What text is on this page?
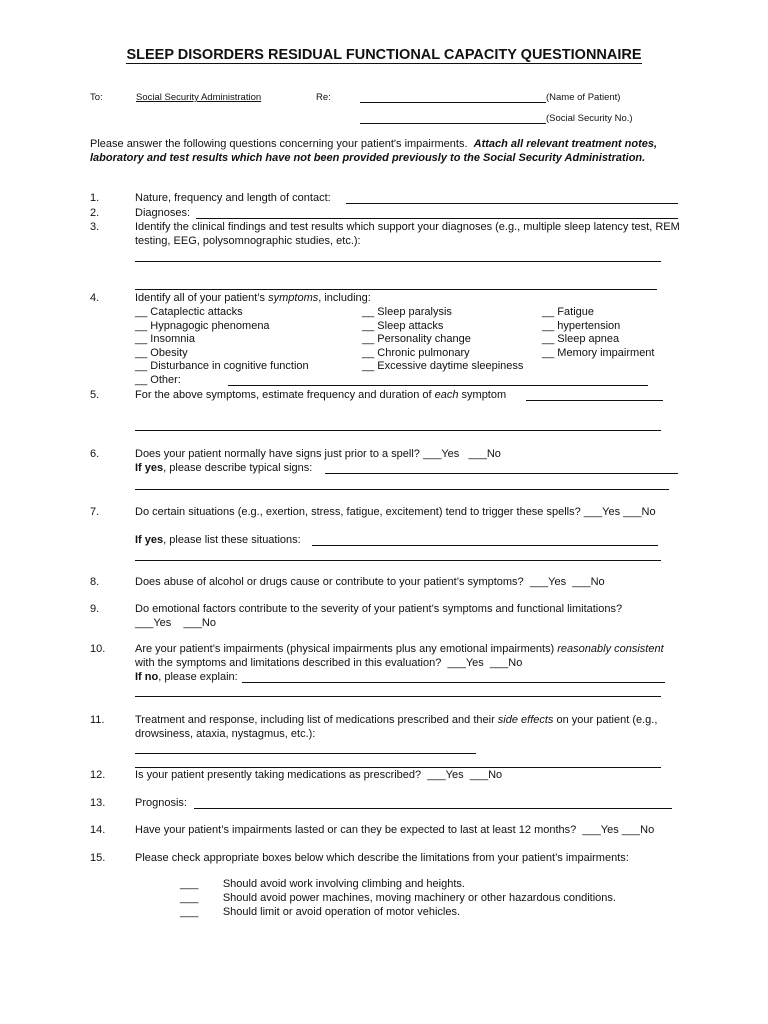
SLEEP DISORDERS RESIDUAL FUNCTIONAL CAPACITY QUESTIONNAIRE
To:	Social Security Administration	Re:	(Name of Patient)
(Social Security No.)
Please answer the following questions concerning your patient's impairments. Attach all relevant treatment notes, laboratory and test results which have not been provided previously to the Social Security Administration.
1.	Nature, frequency and length of contact:
2.	Diagnoses:
3.	Identify the clinical findings and test results which support your diagnoses (e.g., multiple sleep latency test, REM testing, EEG, polysomnographic studies, etc.):
4.	Identify all of your patient’s symptoms, including:
__ Cataplectic attacks
__ Hypnagogic phenomena
__ Insomnia
__ Obesity
__ Disturbance in cognitive function
__ Other:
__ Sleep paralysis
__ Sleep attacks
__ Personality change
__ Chronic pulmonary
__ Excessive daytime sleepiness
__ Fatigue
__ hypertension
__ Sleep apnea
__ Memory impairment
5.	For the above symptoms, estimate frequency and duration of each symptom
6.	Does your patient normally have signs just prior to a spell? ___Yes ___No
If yes, please describe typical signs:
7.	Do certain situations (e.g., exertion, stress, fatigue, excitement) tend to trigger these spells? ___Yes ___No
If yes, please list these situations:
8.	Does abuse of alcohol or drugs cause or contribute to your patient’s symptoms? ___Yes ___No
9.	Do emotional factors contribute to the severity of your patient’s symptoms and functional limitations?
___Yes ___No
10.	Are your patient’s impairments (physical impairments plus any emotional impairments) reasonably consistent with the symptoms and limitations described in this evaluation? ___Yes ___No
If no, please explain:
11.	Treatment and response, including list of medications prescribed and their side effects on your patient (e.g., drowsiness, ataxia, nystagmus, etc.):
12.	Is your patient presently taking medications as prescribed? ___Yes ___No
13.	Prognosis:
14.	Have your patient’s impairments lasted or can they be expected to last at least 12 months? ___Yes ___No
15.	Please check appropriate boxes below which describe the limitations from your patient’s impairments:
___        Should avoid work involving climbing and heights.
___        Should avoid power machines, moving machinery or other hazardous conditions.
___        Should limit or avoid operation of motor vehicles.
